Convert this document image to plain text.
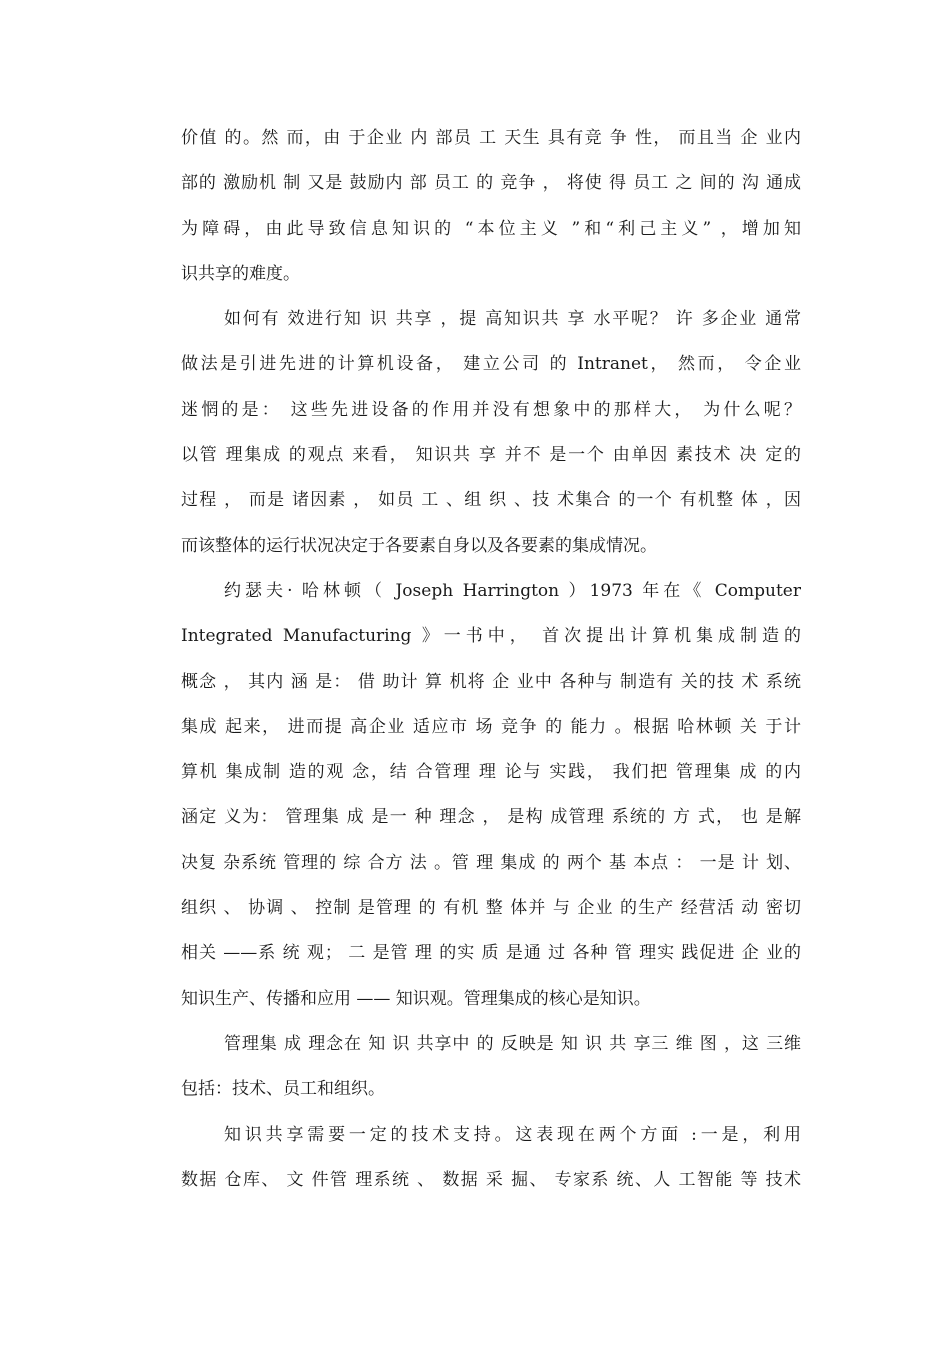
价值 的。然 而，由 于企业 内 部员 工 天生 具有竞 争 性， 而且当 企 业内
部的 激励机 制 又是 鼓励内 部 员工 的 竞争 ， 将使 得 员工 之 间的 沟 通成
为障碍，由此导致信息知识的 “本位主义 ”和“利己主义” ，增加知
识共享的难度。
如何有 效进行知 识 共享 ，提 高知识共 享 水平呢？ 许 多企业 通常
做法是引进先进的计算机设备， 建立公司 的 Intranet， 然而， 令企业
迷惘的是： 这些先进设备的作用并没有想象中的那样大， 为什么呢？
以管 理集成 的观点 来看， 知识共 享 并不 是一个 由单因 素技术 决 定的
过程 ， 而是 诸因素 ， 如员 工 、组 织 、技 术集合 的一个 有机整 体 ，因
而该整体的运行状况决定于各要素自身以及各要素的集成情况。
约瑟夫· 哈林顿（ Joseph Harrington ）1973 年在《 Computer
Integrated Manufacturing 》一书中， 首次提出计算机集成制造的
概念 ， 其内 涵 是： 借 助计 算 机将 企 业中 各种与 制造有 关的技 术 系统
集成 起来， 进而提 高企业 适应市 场 竞争 的 能力 。根据 哈林顿 关 于计
算机 集成制 造的观 念，结 合管理 理 论与 实践， 我们把 管理集 成 的内
涵定 义为： 管理集 成 是一 种 理念 ， 是构 成管理 系统的 方 式， 也 是解
决复 杂系统 管理的 综 合方 法 。管 理 集成 的 两个 基 本点 ： 一是 计 划、
组织 、 协调 、 控制 是管理 的 有机 整 体并 与 企业 的生产 经营活 动 密切
相关 ——系 统 观； 二 是管 理 的实 质 是通 过 各种 管 理实 践促进 企 业的
知识生产、传播和应用 —— 知识观。管理集成的核心是知识。
管理集 成 理念在 知 识 共享中 的 反映是 知 识 共 享三 维 图 ，这 三维
包括：技术、员工和组织。
知识共享需要一定的技术支持。这表现在两个方面 :一是，利用
数据 仓库、 文 件管 理系统 、 数据 采 掘、 专家系 统、人 工智能 等 技术
